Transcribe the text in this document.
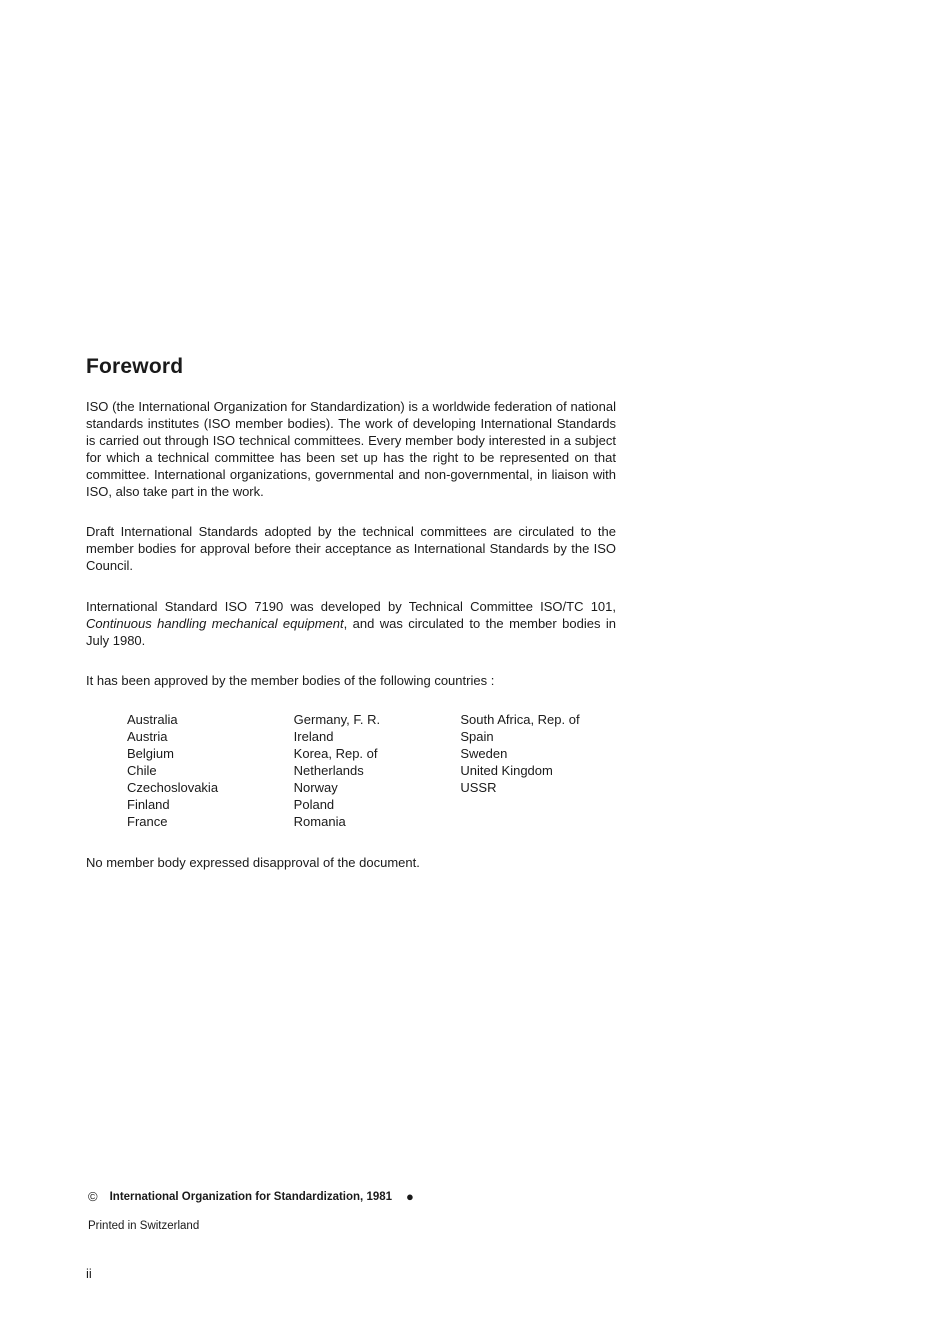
Foreword

ISO (the International Organization for Standardization) is a worldwide federation of national standards institutes (ISO member bodies). The work of developing International Standards is carried out through ISO technical committees. Every member body interested in a subject for which a technical committee has been set up has the right to be represented on that committee. International organizations, governmental and non-governmental, in liaison with ISO, also take part in the work.

Draft International Standards adopted by the technical committees are circulated to the member bodies for approval before their acceptance as International Standards by the ISO Council.

International Standard ISO 7190 was developed by Technical Committee ISO/TC 101, Continuous handling mechanical equipment, and was circulated to the member bodies in July 1980.

It has been approved by the member bodies of the following countries :

Australia
Austria
Belgium
Chile
Czechoslovakia
Finland
France
Germany, F. R.
Ireland
Korea, Rep. of
Netherlands
Norway
Poland
Romania
South Africa, Rep. of
Spain
Sweden
United Kingdom
USSR

No member body expressed disapproval of the document.

© International Organization for Standardization, 1981 ●
Printed in Switzerland
ii
